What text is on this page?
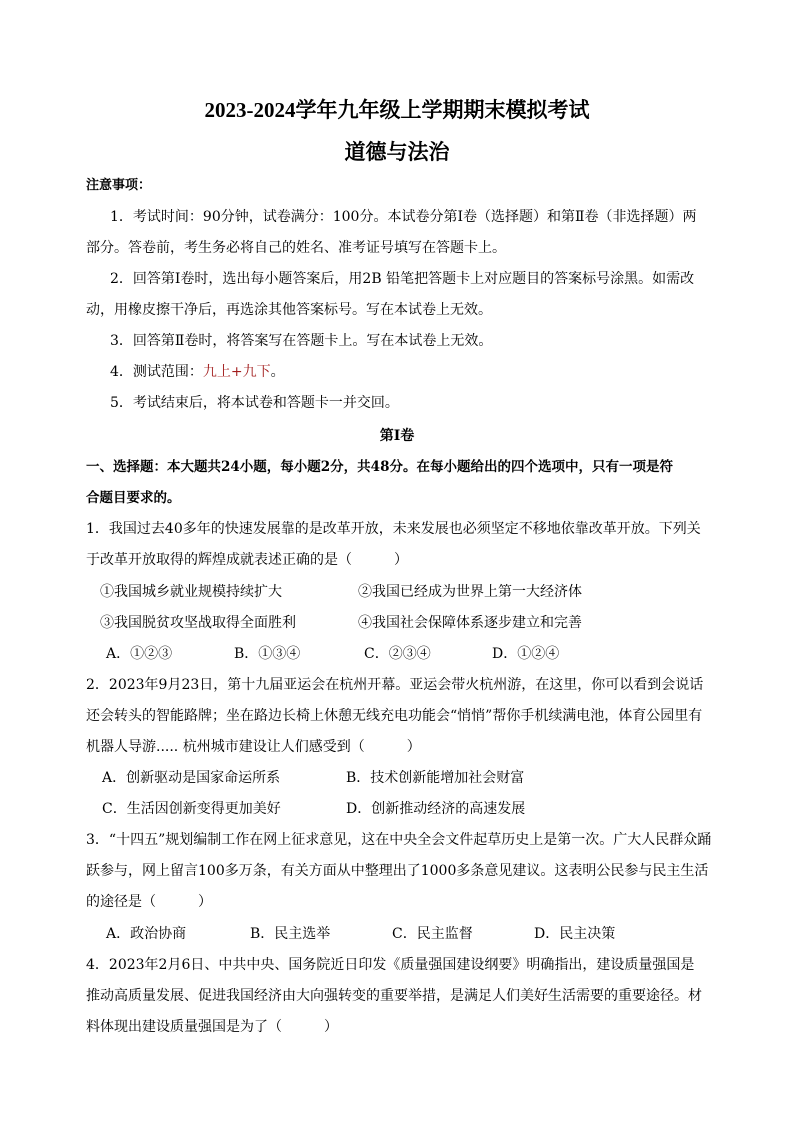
2023-2024学年九年级上学期期末模拟考试
道德与法治
注意事项：
1．考试时间：90分钟，试卷满分：100分。本试卷分第Ⅰ卷（选择题）和第Ⅱ卷（非选择题）两
部分。答卷前，考生务必将自己的姓名、准考证号填写在答题卡上。
2．回答第Ⅰ卷时，选出每小题答案后，用2B 铅笔把答题卡上对应题目的答案标号涂黑。如需改
动，用橡皮擦干净后，再选涂其他答案标号。写在本试卷上无效。
3．回答第Ⅱ卷时，将答案写在答题卡上。写在本试卷上无效。
4．测试范围：九上+九下。
5．考试结束后，将本试卷和答题卡一并交回。
第Ⅰ卷
一、选择题：本大题共24小题，每小题2分，共48分。在每小题给出的四个选项中，只有一项是符
合题目要求的。
1．我国过去40多年的快速发展靠的是改革开放，未来发展也必须坚定不移地依靠改革开放。下列关
于改革开放取得的辉煌成就表述正确的是（　　　）
①我国城乡就业规模持续扩大	②我国已经成为世界上第一大经济体
③我国脱贫攻坚战取得全面胜利	④我国社会保障体系逐步建立和完善
A．①②③	B．①③④	C．②③④	D．①②④
2．2023年9月23日，第十九届亚运会在杭州开幕。亚运会带火杭州游，在这里，你可以看到会说话
还会转头的智能路牌；坐在路边长椅上休憩无线充电功能会“悄悄”帮你手机续满电池，体育公园里有
机器人导游..... 杭州城市建设让人们感受到（　　　）
A．创新驱动是国家命运所系	B．技术创新能增加社会财富
C．生活因创新变得更加美好	D．创新推动经济的高速发展
3．“十四五”规划编制工作在网上征求意见，这在中央全会文件起草历史上是第一次。广大人民群众踊
跃参与，网上留言100多万条，有关方面从中整理出了1000多条意见建议。这表明公民参与民主生活
的途径是（　　　）
A．政治协商	B．民主选举	C．民主监督	D．民主决策
4．2023年2月6日、中共中央、国务院近日印发《质量强国建设纲要》明确指出，建设质量强国是
推动高质量发展、促进我国经济由大向强转变的重要举措，是满足人们美好生活需要的重要途径。材
料体现出建设质量强国是为了（　　　）
